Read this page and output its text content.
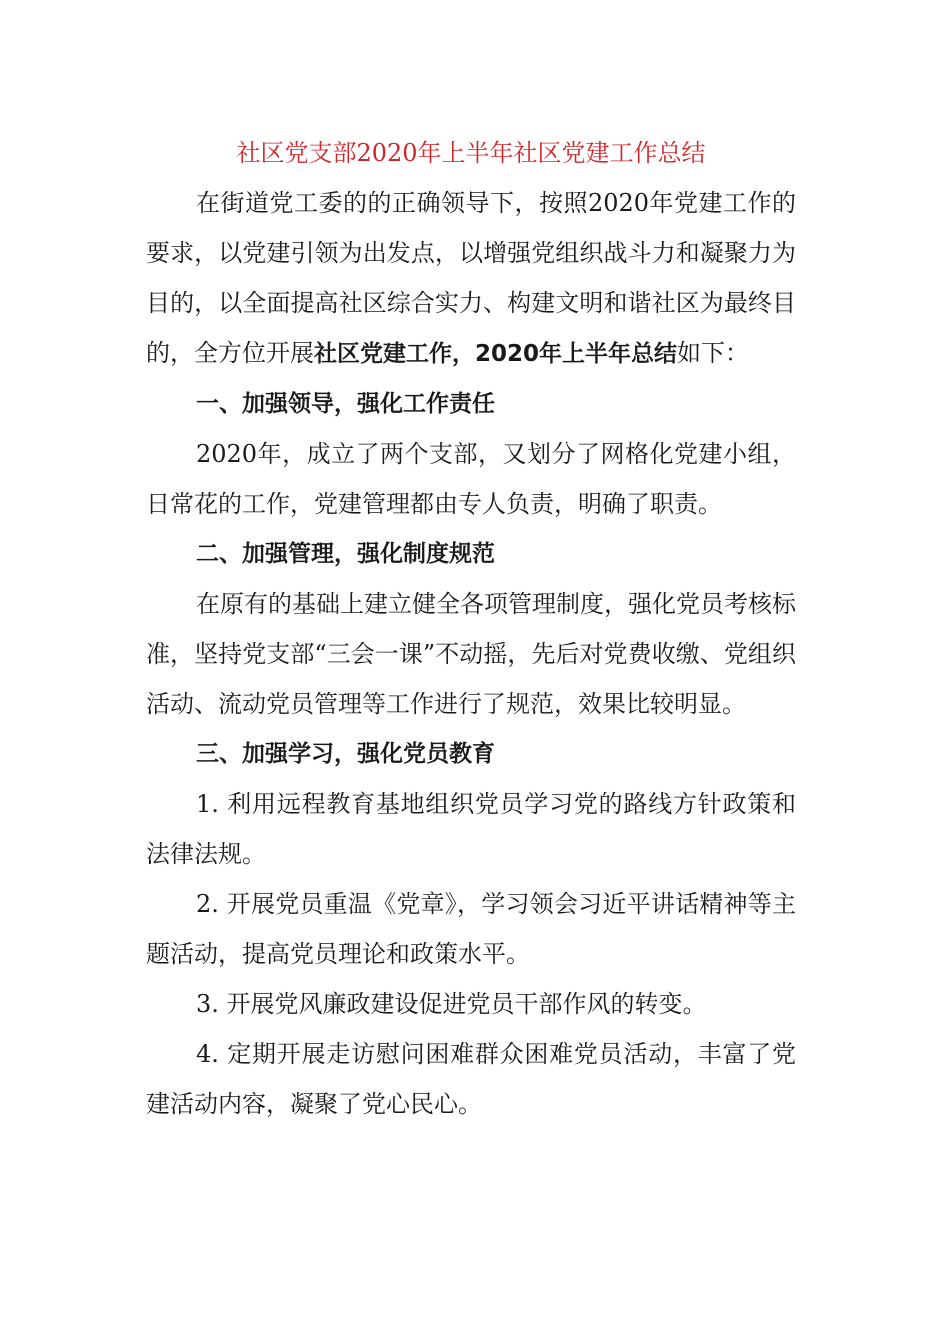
社区党支部2020年上半年社区党建工作总结

在街道党工委的的正确领导下，按照2020年党建工作的要求，以党建引领为出发点，以增强党组织战斗力和凝聚力为目的，以全面提高社区综合实力、构建文明和谐社区为最终目的，全方位开展社区党建工作，2020年上半年总结如下：

一、加强领导，强化工作责任

2020年，成立了两个支部，又划分了网格化党建小组，日常花的工作，党建管理都由专人负责，明确了职责。

二、加强管理，强化制度规范

在原有的基础上建立健全各项管理制度，强化党员考核标准，坚持党支部“三会一课”不动摇，先后对党费收缴、党组织活动、流动党员管理等工作进行了规范，效果比较明显。

三、加强学习，强化党员教育

1. 利用远程教育基地组织党员学习党的路线方针政策和法律法规。

2. 开展党员重温《党章》，学习领会习近平讲话精神等主题活动，提高党员理论和政策水平。

3. 开展党风廉政建设促进党员干部作风的转变。

4. 定期开展走访慰问困难群众困难党员活动，丰富了党建活动内容，凝聚了党心民心。
